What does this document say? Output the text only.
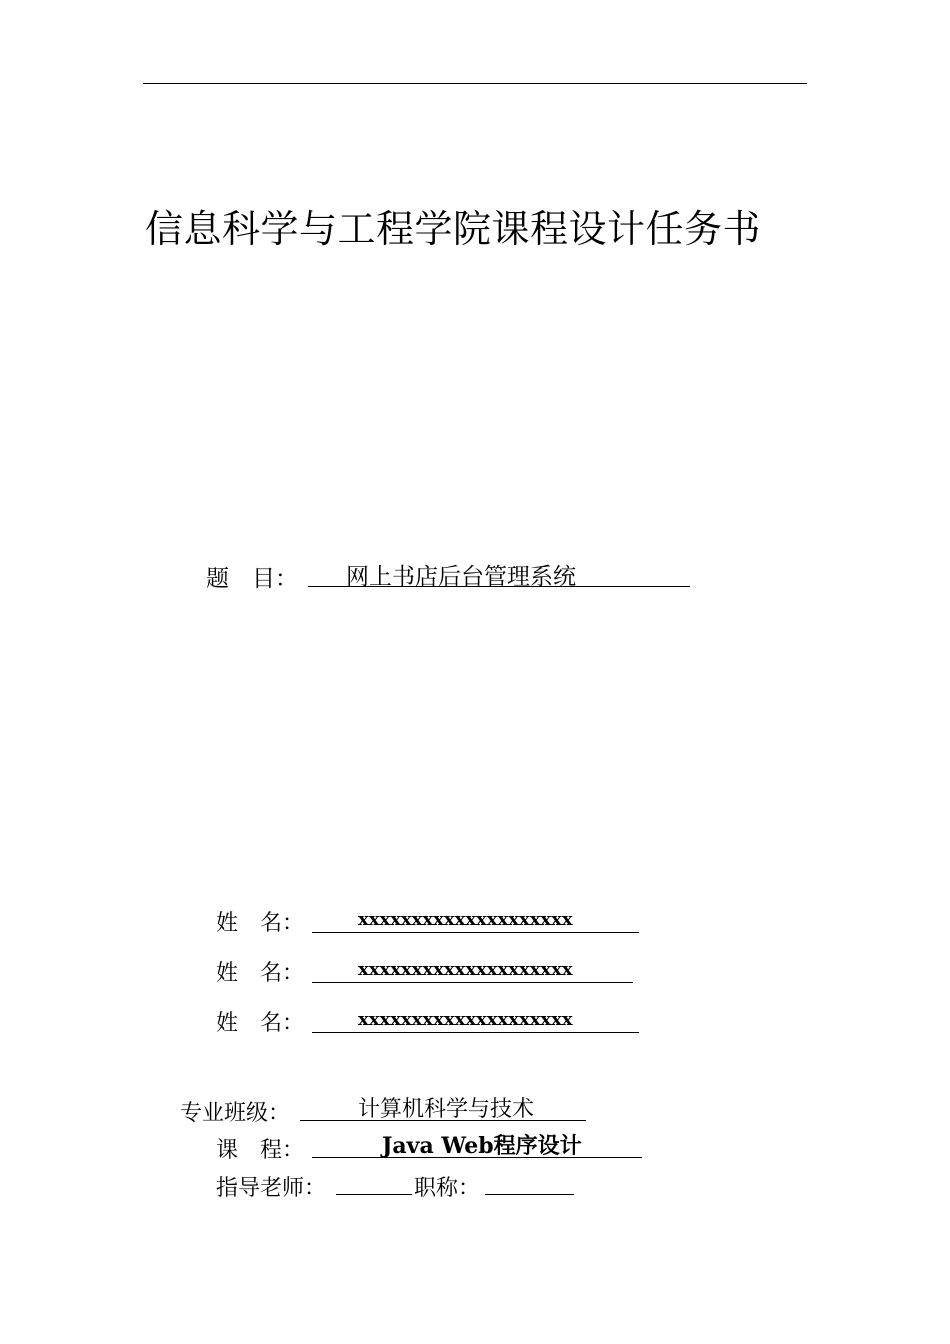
信息科学与工程学院课程设计任务书
题　目： 网上书店后台管理系统
姓　名：	xxxxxxxxxxxxxxxxxxxx
姓　名：	xxxxxxxxxxxxxxxxxxxx
姓　名：	xxxxxxxxxxxxxxxxxxxx
专业班级：	计算机科学与技术
课　程：	Java Web程序设计
指导老师：	职称：
